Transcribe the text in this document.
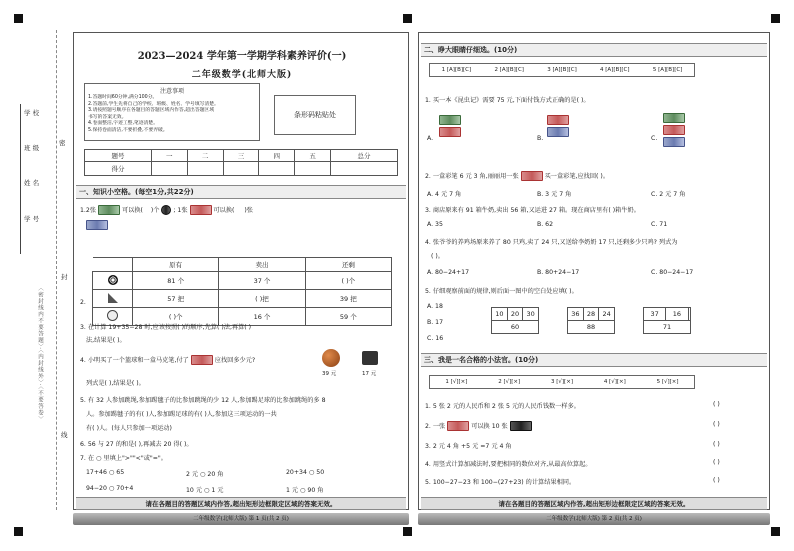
学 校
班 级
姓 名
学 号
密
封
线
〈密封线内不要答题〉·〈内封线外〉·〈不要答卷〉
2023—2024 学年第一学期学科素养评价(一)
二年级数学(北师大版)
注意事项
1.答题时间60分钟,满分100分。
2.答题前,学生先将自己的学校、班级、姓名、学号填写清楚。
3.请按照题号顺序在各题目的答题区域内作答,超出答题区域
书写的答案无效。
4.卷面整洁,字迹工整,笔迹清楚。
5.保持卷面清洁,不要折叠,不要弄破。
条形码粘贴处
题号	一	二	三	四	五	总分
得分						
一、知识小空格。(每空1分,共22分)
1.2张	可以换( )个 ; 1张	可以换( )张
2.
	原有	卖出	还剩
	81 个	37 个	( )个
	57 把	( )把	39 把
	( )个	16 个	59 个
3. 在计算 19+35−28 时,应该按照( )的顺序,先算( )法,再算( )
法,结果是( )。
4. 小明买了一个篮球和一盒马克笔,付了	应找回多少元?
39 元	17 元
列式是( ),结果是( )。
5. 有 32 人参加跳绳,参加踢毽子的比参加跳绳的少 12 人,参加踢足球的比参加跳绳的多 8
人。参加踢毽子的有( )人,参加踢足球的有( )人,参加这三项运动的一共
有( )人。(每人只参加一项运动)
6. 56 与 27 的和是( ),再减去 20 得( )。
7. 在 ○ 里填上">""<"或"="。
17+46 ○ 65	2 元 ○ 20 角	20+34 ○ 50
94−20 ○ 70+4	10 元 ○ 1 元	1 元 ○ 90 角
请在各题目的答题区域内作答,超出矩形边框限定区域的答案无效。
二年级数学(北师大版) 第 1 页(共 2 页)
二、睁大眼睛仔细选。(10分)
1 [A][B][C]	2 [A][B][C]	3 [A][B][C]	4 [A][B][C]	5 [A][B][C]
1. 买一本《昆虫记》需要 75 元,下面付钱方式正确的是( )。
A.	B.	C.
2. 一盒彩笔 6 元 3 角,丽丽用一张	买一盒彩笔,应找回( )。
A. 4 元 7 角	B. 3 元 7 角	C. 2 元 7 角
3. 商店原来有 91 箱牛奶,卖出 56 箱,又运进 27 箱。现在商店里有( )箱牛奶。
A. 35	B. 62	C. 71
4. 张爷爷的养鸡场原来养了 80 只鸡,卖了 24 只,又送给李奶奶 17 只,还剩多少只鸡? 列式为
( )。
A. 80−24+17	B. 80+24−17	C. 80−24−17
5. 仔细观察前面的规律,则后面一图中的空白处应填( )。
A. 18
B. 17
C. 16
10	20	30
60
36	28	24
88
37	16	
71
三、我是一名合格的小法官。(10分)
1 [√][×]	2 [√][×]	3 [√][×]	4 [√][×]	5 [√][×]
1. 5 张 2 元的人民币和 2 张 5 元的人民币钱数一样多。	( )
2. 一张	可以换 10 张	( )
3. 2 元 4 角 +5 元 =7 元 4 角	( )
4. 用竖式计算加减法时,要把相同的数位对齐,从最高位算起。	( )
5. 100−27−23 和 100−(27+23) 的计算结果相同。	( )
请在各题目的答题区域内作答,超出矩形边框限定区域的答案无效。
二年级数学(北师大版) 第 2 页(共 2 页)
